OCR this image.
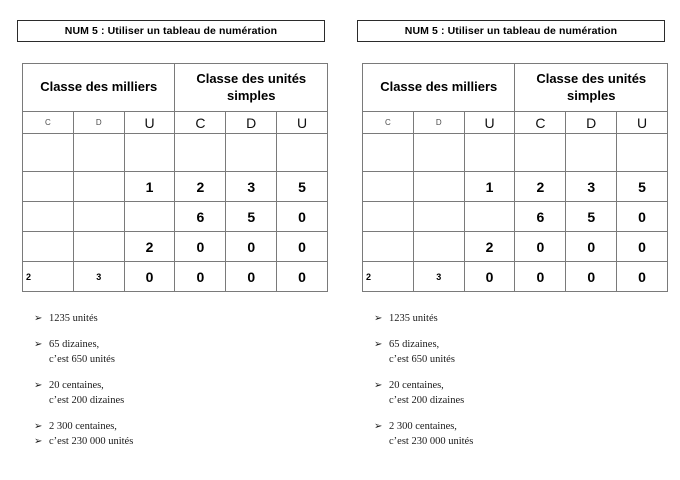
NUM 5 : Utiliser un tableau de numération
Classe des milliers			Classe des unités simples		
C	D	U	C	D	U

		1	2	3	5
			6	5	0
		2	0	0	0
2	3	0	0	0	0
➢ 1235 unités
➢ 65 dizaines,
c’est 650 unités
➢ 20 centaines,
c’est 200 dizaines
➢ 2 300 centaines,
➢ c’est 230 000 unités
NUM 5 : Utiliser un tableau de numération
Classe des milliers			Classe des unités simples		
C	D	U	C	D	U

		1	2	3	5
			6	5	0
		2	0	0	0
2	3	0	0	0	0
➢ 1235 unités
➢ 65 dizaines,
c’est 650 unités
➢ 20 centaines,
c’est 200 dizaines
➢ 2 300 centaines,
c’est 230 000 unités
